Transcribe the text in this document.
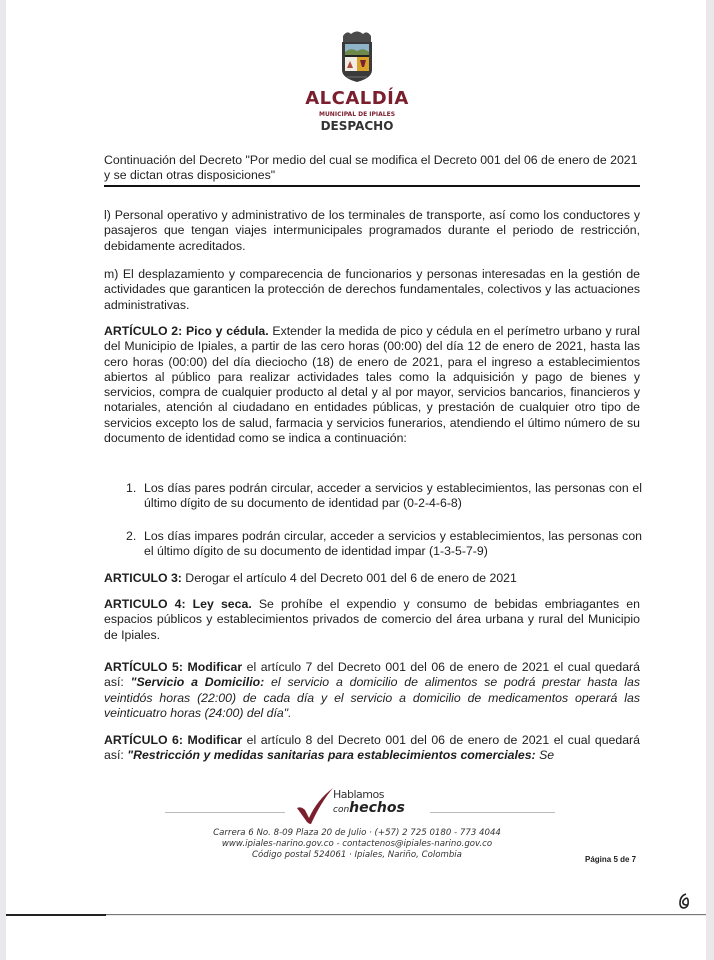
ALCALDÍA
MUNICIPAL DE IPIALES
DESPACHO
Continuación del Decreto "Por medio del cual se modifica el Decreto 001 del 06 de enero de 2021 y se dictan otras disposiciones"
l) Personal operativo y administrativo de los terminales de transporte, así como los conductores y pasajeros que tengan viajes intermunicipales programados durante el periodo de restricción, debidamente acreditados.
m) El desplazamiento y comparecencia de funcionarios y personas interesadas en la gestión de actividades que garanticen la protección de derechos fundamentales, colectivos y las actuaciones administrativas.
ARTÍCULO 2: Pico y cédula. Extender la medida de pico y cédula en el perímetro urbano y rural del Municipio de Ipiales, a partir de las cero horas (00:00) del día 12 de enero de 2021, hasta las cero horas (00:00) del día dieciocho (18) de enero de 2021, para el ingreso a establecimientos abiertos al público para realizar actividades tales como la adquisición y pago de bienes y servicios, compra de cualquier producto al detal y al por mayor, servicios bancarios, financieros y notariales, atención al ciudadano en entidades públicas, y prestación de cualquier otro tipo de servicios excepto los de salud, farmacia y servicios funerarios, atendiendo el último número de su documento de identidad como se indica a continuación:
1. Los días pares podrán circular, acceder a servicios y establecimientos, las personas con el último dígito de su documento de identidad par (0-2-4-6-8)
2. Los días impares podrán circular, acceder a servicios y establecimientos, las personas con el último dígito de su documento de identidad impar (1-3-5-7-9)
ARTICULO 3: Derogar el artículo 4 del Decreto 001 del 6 de enero de 2021
ARTICULO 4: Ley seca. Se prohíbe el expendio y consumo de bebidas embriagantes en espacios públicos y establecimientos privados de comercio del área urbana y rural del Municipio de Ipiales.
ARTÍCULO 5: Modificar el artículo 7 del Decreto 001 del 06 de enero de 2021 el cual quedará así: "Servicio a Domicilio: el servicio a domicilio de alimentos se podrá prestar hasta las veintidós horas (22:00) de cada día y el servicio a domicilio de medicamentos operará las veinticuatro horas (24:00) del día".
ARTÍCULO 6: Modificar el artículo 8 del Decreto 001 del 06 de enero de 2021 el cual quedará así: "Restricción y medidas sanitarias para establecimientos comerciales: Se
Hablamos
conhechos
Carrera 6 No. 8-09 Plaza 20 de Julio · (+57) 2 725 0180 - 773 4044
www.ipiales-narino.gov.co - contactenos@ipiales-narino.gov.co
Código postal 524061 · Ipiales, Nariño, Colombia	Página 5 de 7
